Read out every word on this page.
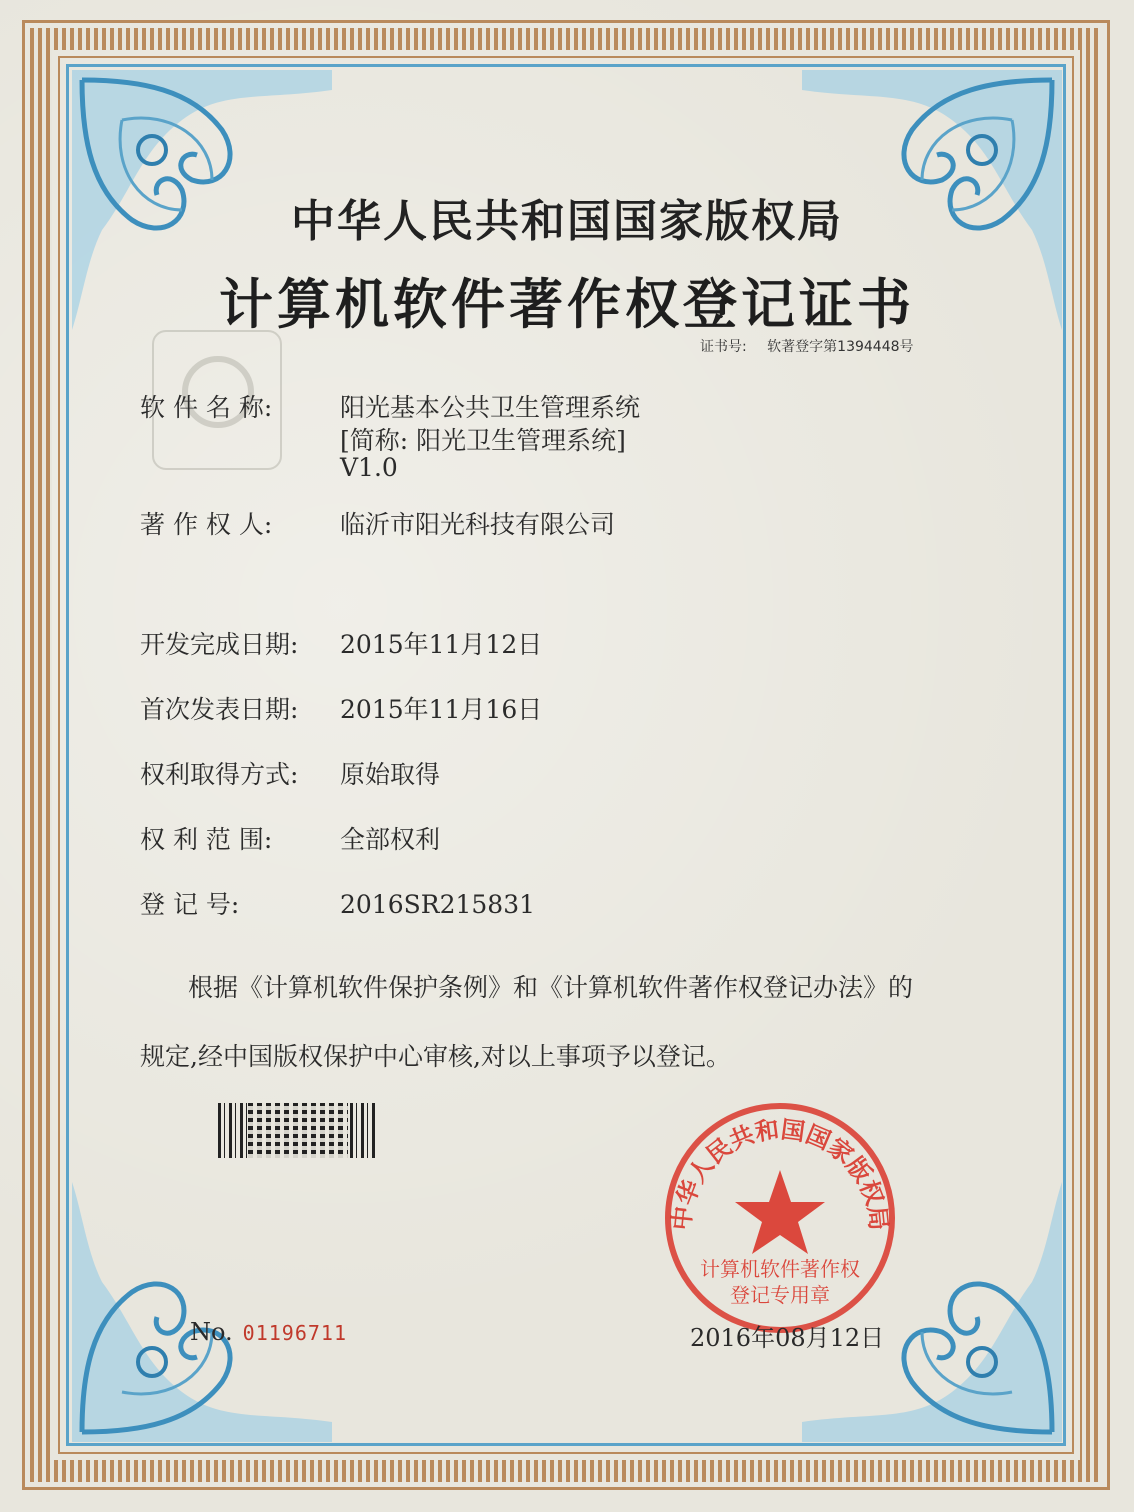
中华人民共和国国家版权局
计算机软件著作权登记证书
证书号: 软著登字第1394448号
软 件 名 称:	阳光基本公共卫生管理系统
[简称: 阳光卫生管理系统]
V1.0
著 作 权 人:	临沂市阳光科技有限公司
开发完成日期: 2015年11月12日
首次发表日期: 2015年11月16日
权利取得方式: 原始取得
权 利 范 围:	全部权利
登 记 号:	2016SR215831
根据《计算机软件保护条例》和《计算机软件著作权登记办法》的
规定,经中国版权保护中心审核,对以上事项予以登记。
中华人民共和国国家版权局
计算机软件著作权
登记专用章
No. 01196711	2016年08月12日
